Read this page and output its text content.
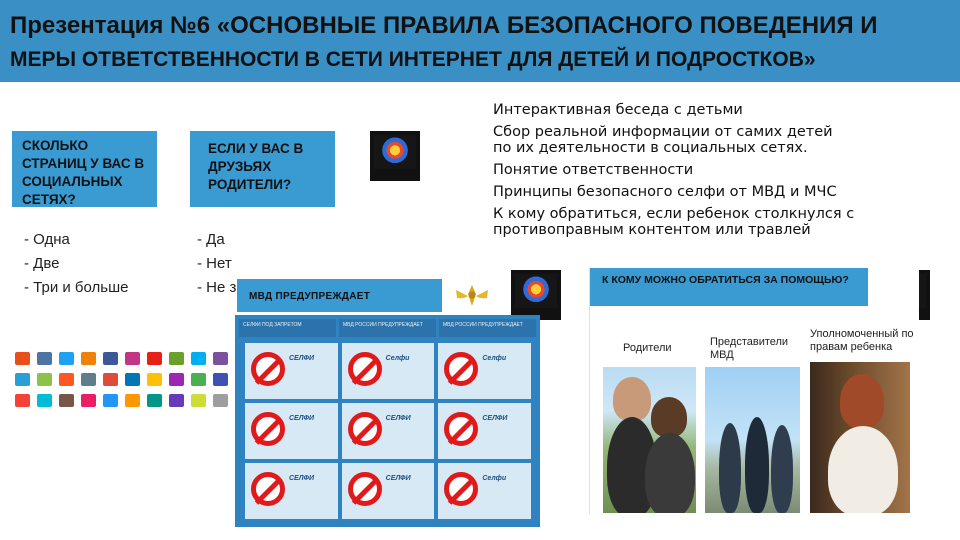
Презентация №6 «ОСНОВНЫЕ ПРАВИЛА БЕЗОПАСНОГО ПОВЕДЕНИЯ И
МЕРЫ ОТВЕТСТВЕННОСТИ В СЕТИ ИНТЕРНЕТ ДЛЯ ДЕТЕЙ И ПОДРОСТКОВ»
Интерактивная беседа с детьми
Сбор реальной информации от самих детей
по их деятельности в социальных сетях.
Понятие ответственности
Принципы безопасного селфи от МВД и МЧС
К кому обратиться, если ребенок столкнулся с
противоправным контентом или травлей
СКОЛЬКО СТРАНИЦ У ВАС В СОЦИАЛЬНЫХ СЕТЯХ?
ЕСЛИ У ВАС В ДРУЗЬЯХ РОДИТЕЛИ?
- Одна
- Две
- Три и больше
- Да
- Нет
- Не з
МВД ПРЕДУПРЕЖДАЕТ
СЕЛФИ ПОД ЗАПРЕТОМ	МВД РОССИИ ПРЕДУПРЕЖДАЕТ	МВД РОССИИ ПРЕДУПРЕЖДАЕТ
СЕЛФИ	Селфи	Селфи
СЕЛФИ	СЕЛФИ	СЕЛФИ
СЕЛФИ	СЕЛФИ	Селфи
К КОМУ МОЖНО ОБРАТИТЬСЯ ЗА ПОМОЩЬЮ?
Родители	Представители МВД
Уполномоченный по правам ребенка
